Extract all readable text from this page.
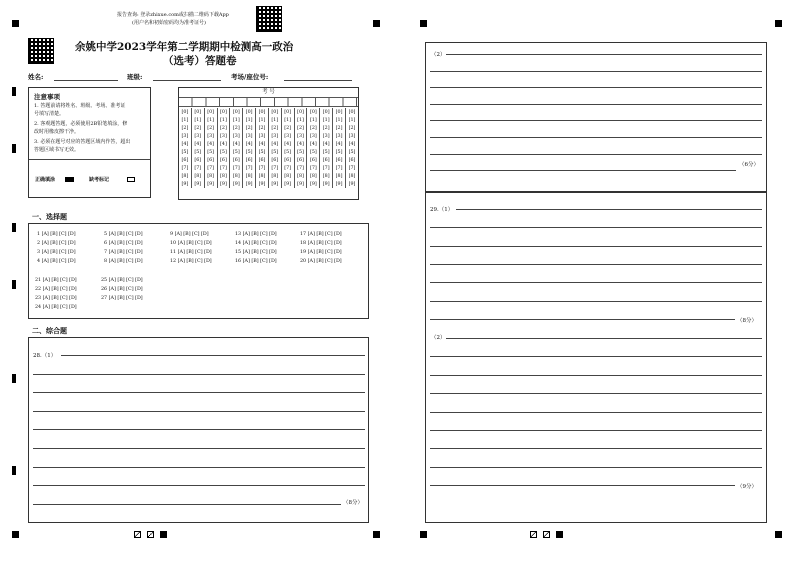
报告查询: 登录zhixue.com或扫描二维码下载App
(用户名和初始密码均为准考证号)
余姚中学2023学年第二学期期中检测高一政治
（选考）答题卷
姓名:	班级:	考场/座位号:
注意事项
1. 答题前请将姓名、班级、考场、准考证
号填写清楚。
2. 客观题答题，必须使用2B铅笔填涂，修
改时用橡皮擦干净。
3. 必须在题号对应的答题区域内作答，超出
答题区域书写无效。
正确填涂	缺考标记
考 号
[0]	[0]	[0]	[0]	[0]	[0]	[0]	[0]	[0]	[0]	[0]	[0]	[0]	[0]
[1]	[1]	[1]	[1]	[1]	[1]	[1]	[1]	[1]	[1]	[1]	[1]	[1]	[1]
[2]	[2]	[2]	[2]	[2]	[2]	[2]	[2]	[2]	[2]	[2]	[2]	[2]	[2]
[3]	[3]	[3]	[3]	[3]	[3]	[3]	[3]	[3]	[3]	[3]	[3]	[3]	[3]
[4]	[4]	[4]	[4]	[4]	[4]	[4]	[4]	[4]	[4]	[4]	[4]	[4]	[4]
[5]	[5]	[5]	[5]	[5]	[5]	[5]	[5]	[5]	[5]	[5]	[5]	[5]	[5]
[6]	[6]	[6]	[6]	[6]	[6]	[6]	[6]	[6]	[6]	[6]	[6]	[6]	[6]
[7]	[7]	[7]	[7]	[7]	[7]	[7]	[7]	[7]	[7]	[7]	[7]	[7]	[7]
[8]	[8]	[8]	[8]	[8]	[8]	[8]	[8]	[8]	[8]	[8]	[8]	[8]	[8]
[9]	[9]	[9]	[9]	[9]	[9]	[9]	[9]	[9]	[9]	[9]	[9]	[9]	[9]
一、选择题
1 [A] [B] [C] [D]	5 [A] [B] [C] [D]	9 [A] [B] [C] [D]	13 [A] [B] [C] [D]	17 [A] [B] [C] [D]
2 [A] [B] [C] [D]	6 [A] [B] [C] [D]	10 [A] [B] [C] [D]	14 [A] [B] [C] [D]	18 [A] [B] [C] [D]
3 [A] [B] [C] [D]	7 [A] [B] [C] [D]	11 [A] [B] [C] [D]	15 [A] [B] [C] [D]	19 [A] [B] [C] [D]
4 [A] [B] [C] [D]	8 [A] [B] [C] [D]	12 [A] [B] [C] [D]	16 [A] [B] [C] [D]	20 [A] [B] [C] [D]
21 [A] [B] [C] [D]	25 [A] [B] [C] [D]
22 [A] [B] [C] [D]	26 [A] [B] [C] [D]
23 [A] [B] [C] [D]	27 [A] [B] [C] [D]
24 [A] [B] [C] [D]
二、综合题
28.（1）
（8分）
（2）
（6分）
29.（1）
（8分）
（2）
（9分）
